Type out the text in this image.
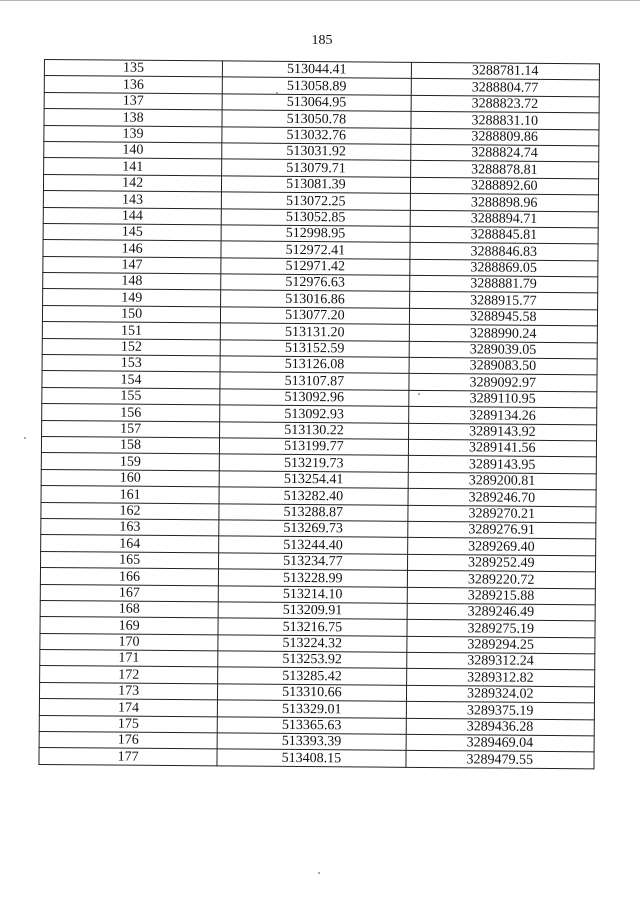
185
135	513044.41	3288781.14
136	513058.89	3288804.77
137	513064.95	3288823.72
138	513050.78	3288831.10
139	513032.76	3288809.86
140	513031.92	3288824.74
141	513079.71	3288878.81
142	513081.39	3288892.60
143	513072.25	3288898.96
144	513052.85	3288894.71
145	512998.95	3288845.81
146	512972.41	3288846.83
147	512971.42	3288869.05
148	512976.63	3288881.79
149	513016.86	3288915.77
150	513077.20	3288945.58
151	513131.20	3288990.24
152	513152.59	3289039.05
153	513126.08	3289083.50
154	513107.87	3289092.97
155	513092.96	3289110.95
156	513092.93	3289134.26
157	513130.22	3289143.92
158	513199.77	3289141.56
159	513219.73	3289143.95
160	513254.41	3289200.81
161	513282.40	3289246.70
162	513288.87	3289270.21
163	513269.73	3289276.91
164	513244.40	3289269.40
165	513234.77	3289252.49
166	513228.99	3289220.72
167	513214.10	3289215.88
168	513209.91	3289246.49
169	513216.75	3289275.19
170	513224.32	3289294.25
171	513253.92	3289312.24
172	513285.42	3289312.82
173	513310.66	3289324.02
174	513329.01	3289375.19
175	513365.63	3289436.28
176	513393.39	3289469.04
177	513408.15	3289479.55
